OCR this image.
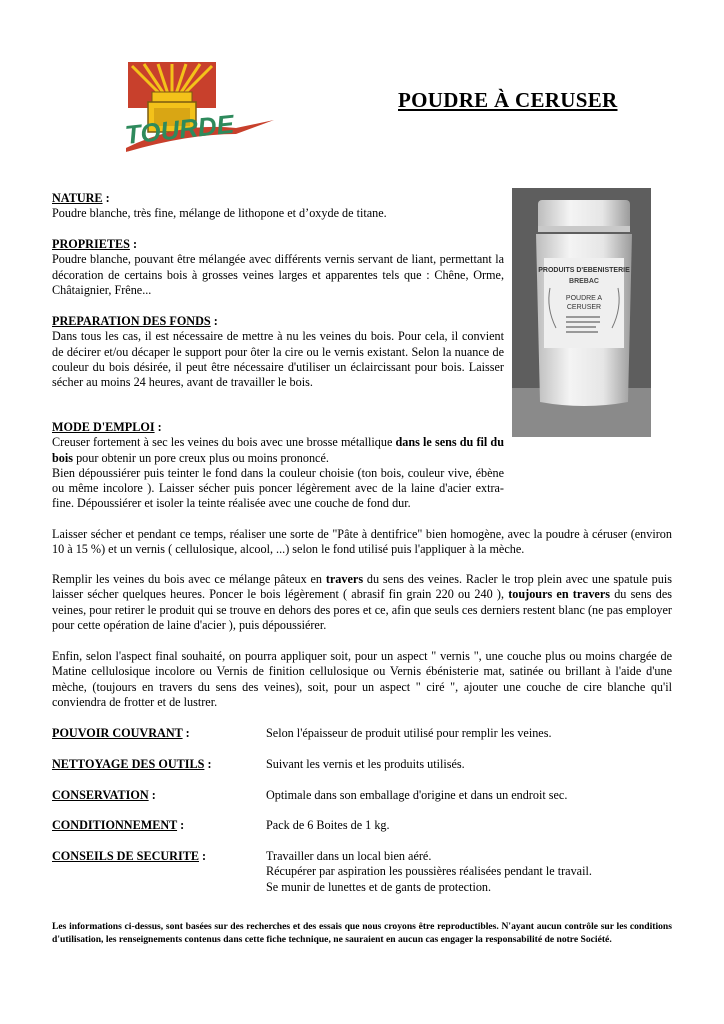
TOURDE
POUDRE À CERUSER
PRODUITS D'EBENISTERIE
BREBAC
POUDRE A
CERUSER

NATURE :
Poudre blanche, très fine, mélange de lithopone et d’oxyde de titane.

PROPRIETES :
Poudre blanche, pouvant être mélangée avec différents vernis servant de liant, permettant la décoration de certains bois à grosses veines larges et apparentes tels que : Chêne, Orme, Châtaignier, Frêne...

PREPARATION DES FONDS :
Dans tous les cas, il est nécessaire de mettre à nu les veines du bois. Pour cela, il convient de décirer et/ou décaper le support pour ôter la cire ou le vernis existant. Selon la nuance de couleur du bois désirée, il peut être nécessaire d'utiliser un éclaircissant pour bois. Laisser sécher au moins 24 heures, avant de travailler le bois.

MODE D'EMPLOI :
Creuser fortement à sec les veines du bois avec une brosse métallique dans le sens du fil du bois pour obtenir un pore creux plus ou moins prononcé.
Bien dépoussiérer puis teinter le fond dans la couleur choisie (ton bois, couleur vive, ébène ou même incolore ). Laisser sécher puis poncer légèrement avec de la laine d'acier extra-fine. Dépoussiérer et isoler la teinte réalisée avec une couche de fond dur.

Laisser sécher et pendant ce temps, réaliser une sorte de "Pâte à dentifrice" bien homogène, avec la poudre à céruser (environ 10 à 15 %) et un vernis ( cellulosique, alcool, ...) selon le fond utilisé puis l'appliquer à la mèche.

Remplir les veines du bois avec ce mélange pâteux en travers du sens des veines. Racler le trop plein avec une spatule puis laisser sécher quelques heures. Poncer le bois légèrement ( abrasif fin grain 220 ou 240 ), toujours en travers du sens des veines, pour retirer le produit qui se trouve en dehors des pores et ce, afin que seuls ces derniers restent blanc (ne pas employer pour cette opération de laine d'acier ), puis dépoussiérer.

Enfin, selon l'aspect final souhaité, on pourra appliquer soit, pour un aspect " vernis ", une couche plus ou moins chargée de Matine cellulosique incolore ou Vernis de finition cellulosique ou Vernis ébénisterie mat, satinée ou brillant à l'aide d'une mèche, (toujours en travers du sens des veines), soit, pour un aspect " ciré ", ajouter une couche de cire blanche qu'il conviendra de frotter et de lustrer.

POUVOIR COUVRANT :	Selon l'épaisseur de produit utilisé pour remplir les veines.
NETTOYAGE DES OUTILS :	Suivant les vernis et les produits utilisés.
CONSERVATION :	Optimale dans son emballage d'origine et dans un endroit sec.
CONDITIONNEMENT :	Pack de 6 Boites de 1 kg.
CONSEILS DE SECURITE :	Travailler dans un local bien aéré.
Récupérer par aspiration les poussières réalisées pendant le travail.
Se munir de lunettes et de gants de protection.

Les informations ci-dessus, sont basées sur des recherches et des essais que nous croyons être reproductibles. N'ayant aucun contrôle sur les conditions d'utilisation, les renseignements contenus dans cette fiche technique, ne sauraient en aucun cas engager la responsabilité de notre Société.
